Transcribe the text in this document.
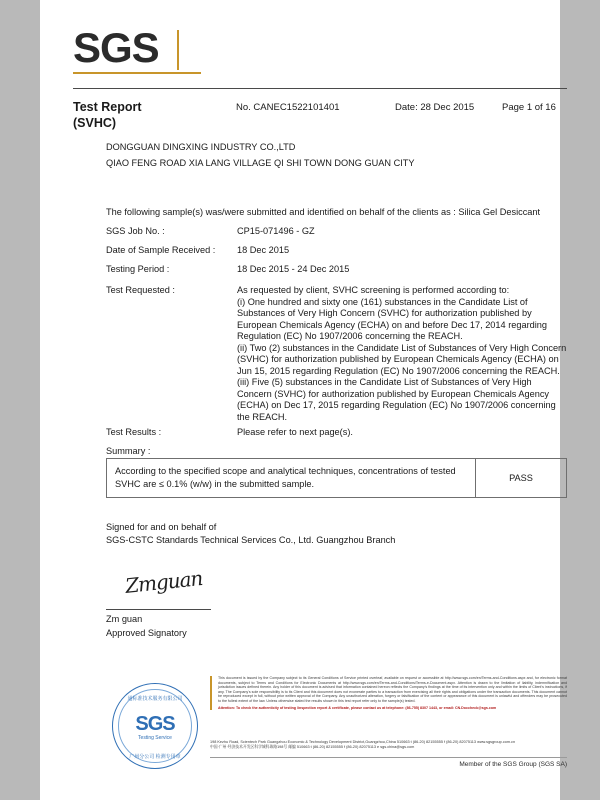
SGS
Test Report
(SVHC)
No. CANEC1522101401	Date: 28 Dec 2015	Page 1 of 16
DONGGUAN DINGXING INDUSTRY CO.,LTD
QIAO FENG ROAD XIA LANG VILLAGE QI SHI TOWN DONG GUAN CITY
The following sample(s) was/were submitted and identified on behalf of the clients as : Silica Gel Desiccant
SGS Job No. :	CP15-071496 - GZ
Date of Sample Received :	18 Dec 2015
Testing Period :	18 Dec 2015 - 24 Dec 2015
Test Requested :	As requested by client, SVHC screening is performed according to:

(i) One hundred and sixty one (161) substances in the Candidate List of Substances of Very High Concern (SVHC) for authorization published by European Chemicals Agency (ECHA) on and before Dec 17, 2014 regarding Regulation (EC) No 1907/2006 concerning the REACH.

(ii) Two (2) substances in the Candidate List of Substances of Very High Concern (SVHC) for authorization published by European Chemicals Agency (ECHA) on Jun 15, 2015 regarding Regulation (EC) No 1907/2006 concerning the REACH.

(iii) Five (5) substances in the Candidate List of Substances of Very High Concern (SVHC) for authorization published by European Chemicals Agency (ECHA) on Dec 17, 2015 regarding Regulation (EC) No 1907/2006 concerning the REACH.

Test Results :	Please refer to next page(s).
Summary :
According to the specified scope and analytical techniques, concentrations of tested SVHC are ≤ 0.1% (w/w) in the submitted sample.
PASS
Signed for and on behalf of
SGS-CSTC Standards Technical Services Co., Ltd. Guangzhou Branch
Zmguan
Zm guan
Approved Signatory
通标准技术服务有限公司
SGS
Testing Service
广州分公司 检测专用章

This document is issued by the Company subject to its General Conditions of Service printed overleaf, available on request or accessible at http://www.sgs.com/en/Terms-and-Conditions.aspx and, for electronic format documents, subject to Terms and Conditions for Electronic Documents at http://www.sgs.com/en/Terms-and-Conditions/Terms-e-Document.aspx. Attention is drawn to the limitation of liability, indemnification and jurisdiction issues defined therein. Any holder of this document is advised that information contained hereon reflects the Company's findings at the time of its intervention only and within the limits of Client's instructions, if any. The Company's sole responsibility is to its Client and this document does not exonerate parties to a transaction from exercising all their rights and obligations under the transaction documents. This document cannot be reproduced except in full, without prior written approval of the Company. Any unauthorized alteration, forgery or falsification of the content or appearance of this document is unlawful and offenders may be prosecuted to the fullest extent of the law. Unless otherwise stated the results shown in this test report refer only to the sample(s) tested.

Attention: To check the authenticity of testing /inspection report & certificate, please contact us at telephone: (86-755) 8307 1443, or email: CN.Doccheck@sgs.com

198 Kezhu Road, Scientech Park Guangzhou Economic & Technology Development District,Guangzhou,China 510663 t (86-20) 82155555 f (86-20) 82075113 www.sgsgroup.com.cn
中国·广州·经济技术开发区科学城科珠路198号 邮编 510663 t (86-20) 82155555 f (86-20) 82075113 e sgs.china@sgs.com
Member of the SGS Group (SGS SA)
